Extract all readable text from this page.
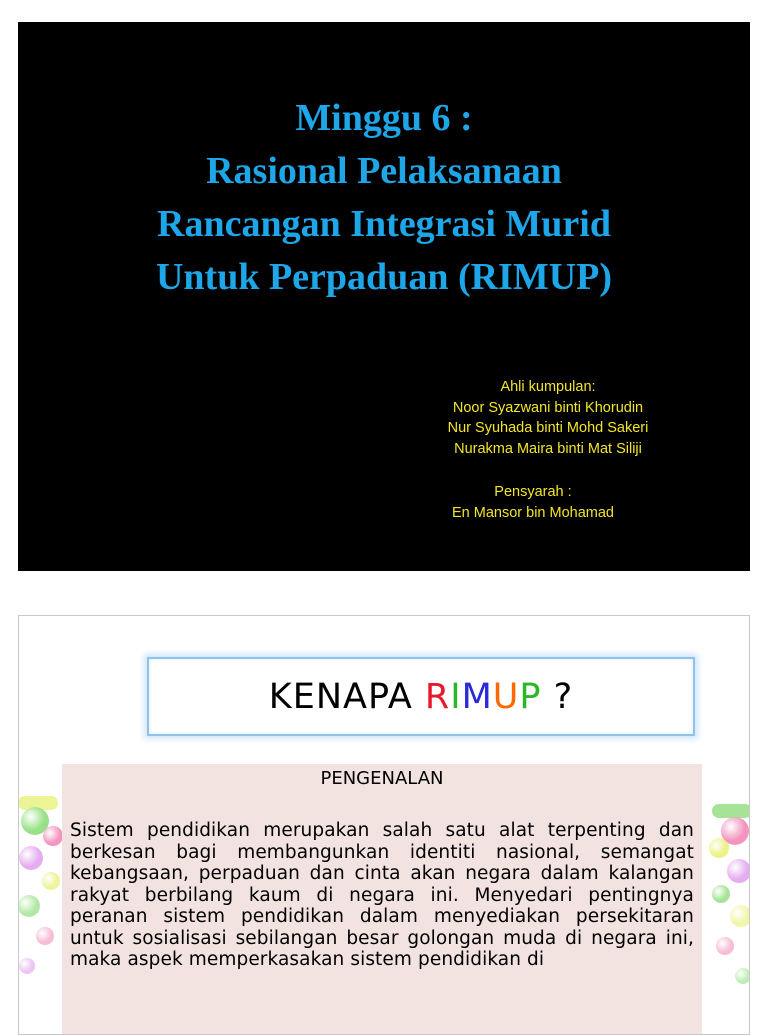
Minggu 6 :
Rasional Pelaksanaan
Rancangan Integrasi Murid
Untuk Perpaduan (RIMUP)
Ahli kumpulan:
Noor Syazwani binti Khorudin
Nur Syuhada binti Mohd Sakeri
Nurakma Maira binti Mat Siliji
Pensyarah :
En Mansor bin Mohamad
KENAPA RIMUP ?
PENGENALAN
Sistem pendidikan merupakan salah satu alat terpenting dan berkesan bagi membangunkan identiti nasional, semangat kebangsaan, perpaduan dan cinta akan negara dalam kalangan rakyat berbilang kaum di negara ini. Menyedari pentingnya peranan sistem pendidikan dalam menyediakan persekitaran untuk sosialisasi sebilangan besar golongan muda di negara ini, maka aspek memperkasakan sistem pendidikan di
